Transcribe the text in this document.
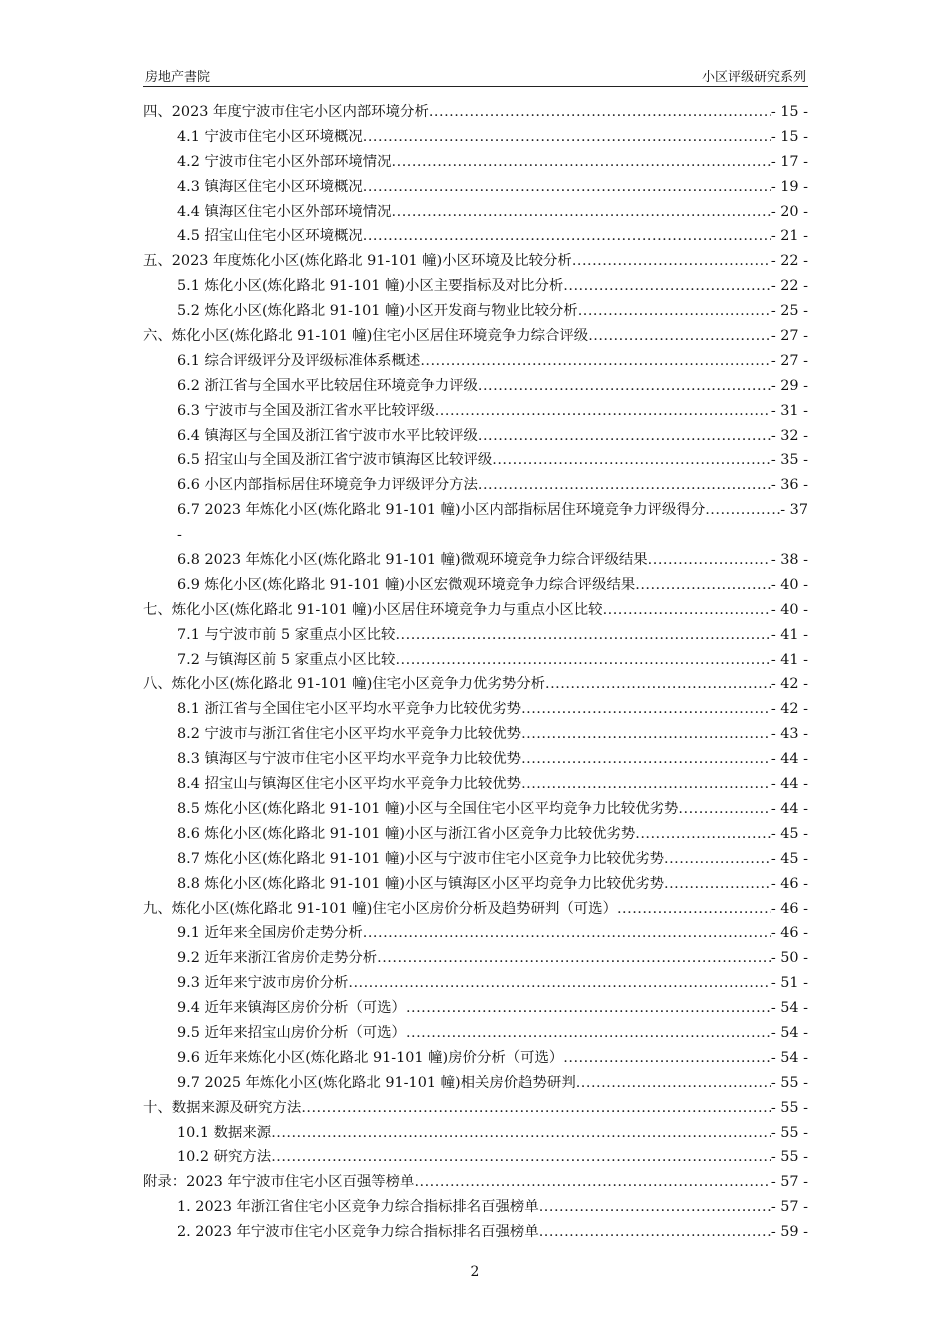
房地产書院	小区评级研究系列
四、2023 年度宁波市住宅小区内部环境分析 .....	- 15 -
4.1 宁波市住宅小区环境概况 .....	- 15 -
4.2 宁波市住宅小区外部环境情况 .....	- 17 -
4.3 镇海区住宅小区环境概况 .....	- 19 -
4.4 镇海区住宅小区外部环境情况 .....	- 20 -
4.5 招宝山住宅小区环境概况 .....	- 21 -
五、2023 年度炼化小区(炼化路北 91-101 幢)小区环境及比较分析 .....	- 22 -
5.1 炼化小区(炼化路北 91-101 幢)小区主要指标及对比分析 .....	- 22 -
5.2 炼化小区(炼化路北 91-101 幢)小区开发商与物业比较分析 .....	- 25 -
六、炼化小区(炼化路北 91-101 幢)住宅小区居住环境竞争力综合评级 .....	- 27 -
6.1 综合评级评分及评级标准体系概述 .....	- 27 -
6.2 浙江省与全国水平比较居住环境竞争力评级 .....	- 29 -
6.3 宁波市与全国及浙江省水平比较评级 .....	- 31 -
6.4 镇海区与全国及浙江省宁波市水平比较评级 .....	- 32 -
6.5 招宝山与全国及浙江省宁波市镇海区比较评级 .....	- 35 -
6.6 小区内部指标居住环境竞争力评级评分方法 .....	- 36 -
6.7 2023 年炼化小区(炼化路北 91-101 幢)小区内部指标居住环境竞争力评级得分 .....	- 37
-
6.8 2023 年炼化小区(炼化路北 91-101 幢)微观环境竞争力综合评级结果 .....	- 38 -
6.9 炼化小区(炼化路北 91-101 幢)小区宏微观环境竞争力综合评级结果 .....	- 40 -
七、炼化小区(炼化路北 91-101 幢)小区居住环境竞争力与重点小区比较 .....	- 40 -
7.1 与宁波市前 5 家重点小区比较 .....	- 41 -
7.2 与镇海区前 5 家重点小区比较 .....	- 41 -
八、炼化小区(炼化路北 91-101 幢)住宅小区竞争力优劣势分析 .....	- 42 -
8.1 浙江省与全国住宅小区平均水平竞争力比较优劣势 .....	- 42 -
8.2 宁波市与浙江省住宅小区平均水平竞争力比较优势 .....	- 43 -
8.3 镇海区与宁波市住宅小区平均水平竞争力比较优势 .....	- 44 -
8.4 招宝山与镇海区住宅小区平均水平竞争力比较优势 .....	- 44 -
8.5 炼化小区(炼化路北 91-101 幢)小区与全国住宅小区平均竞争力比较优劣势 .....	- 44 -
8.6 炼化小区(炼化路北 91-101 幢)小区与浙江省小区竞争力比较优劣势 .....	- 45 -
8.7 炼化小区(炼化路北 91-101 幢)小区与宁波市住宅小区竞争力比较优劣势 .....	- 45 -
8.8 炼化小区(炼化路北 91-101 幢)小区与镇海区小区平均竞争力比较优劣势 .....	- 46 -
九、炼化小区(炼化路北 91-101 幢)住宅小区房价分析及趋势研判（可选） .....	- 46 -
9.1 近年来全国房价走势分析 .....	- 46 -
9.2 近年来浙江省房价走势分析 .....	- 50 -
9.3 近年来宁波市房价分析 .....	- 51 -
9.4 近年来镇海区房价分析（可选） .....	- 54 -
9.5 近年来招宝山房价分析（可选） .....	- 54 -
9.6 近年来炼化小区(炼化路北 91-101 幢)房价分析（可选） .....	- 54 -
9.7 2025 年炼化小区(炼化路北 91-101 幢)相关房价趋势研判 .....	- 55 -
十、数据来源及研究方法 .....	- 55 -
10.1 数据来源 .....	- 55 -
10.2 研究方法 .....	- 55 -
附录：2023 年宁波市住宅小区百强等榜单 .....	- 57 -
1. 2023 年浙江省住宅小区竞争力综合指标排名百强榜单 .....	- 57 -
2. 2023 年宁波市住宅小区竞争力综合指标排名百强榜单 .....	- 59 -
2
